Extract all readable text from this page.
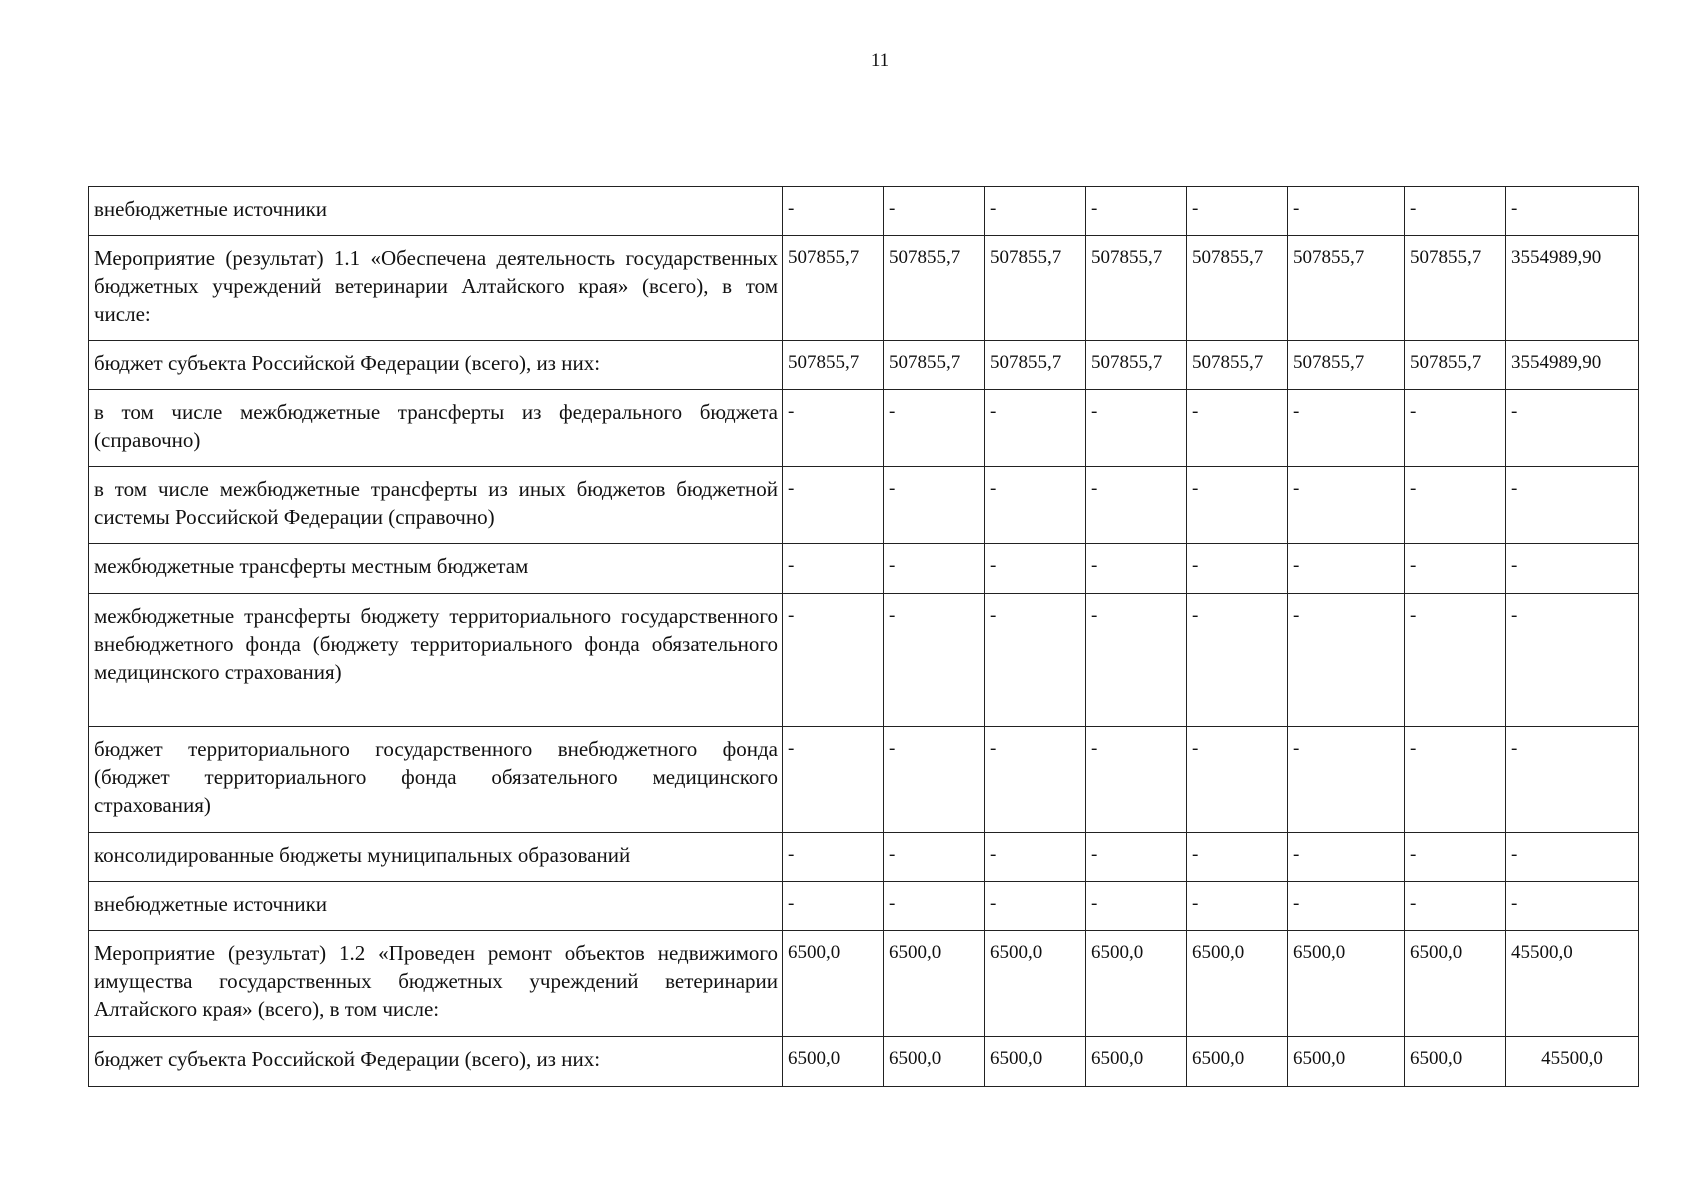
11
внебюджетные источники	-	-	-	-	-	-	-	-
Мероприятие (результат) 1.1 «Обеспечена деятельность государственных бюджетных учреждений ветеринарии Алтайского края» (всего), в том числе:	507855,7	507855,7	507855,7	507855,7	507855,7	507855,7	507855,7	3554989,90
бюджет субъекта Российской Федерации (всего), из них:	507855,7	507855,7	507855,7	507855,7	507855,7	507855,7	507855,7	3554989,90
в том числе межбюджетные трансферты из федерального бюджета (справочно)	-	-	-	-	-	-	-	-
в том числе межбюджетные трансферты из иных бюджетов бюджетной системы Российской Федерации (справочно)	-	-	-	-	-	-	-	-
межбюджетные трансферты местным бюджетам	-	-	-	-	-	-	-	-
межбюджетные трансферты бюджету территориального государственного внебюджетного фонда (бюджету территориального фонда обязательного медицинского страхования)	-	-	-	-	-	-	-	-
бюджет территориального государственного внебюджетного фонда (бюджет территориального фонда обязательного медицинского страхования)	-	-	-	-	-	-	-	-
консолидированные бюджеты муниципальных образований	-	-	-	-	-	-	-	-
внебюджетные источники	-	-	-	-	-	-	-	-
Мероприятие (результат) 1.2 «Проведен ремонт объектов недвижимого имущества государственных бюджетных учреждений ветеринарии Алтайского края» (всего), в том числе:	6500,0	6500,0	6500,0	6500,0	6500,0	6500,0	6500,0	45500,0
бюджет субъекта Российской Федерации (всего), из них:	6500,0	6500,0	6500,0	6500,0	6500,0	6500,0	6500,0	45500,0
